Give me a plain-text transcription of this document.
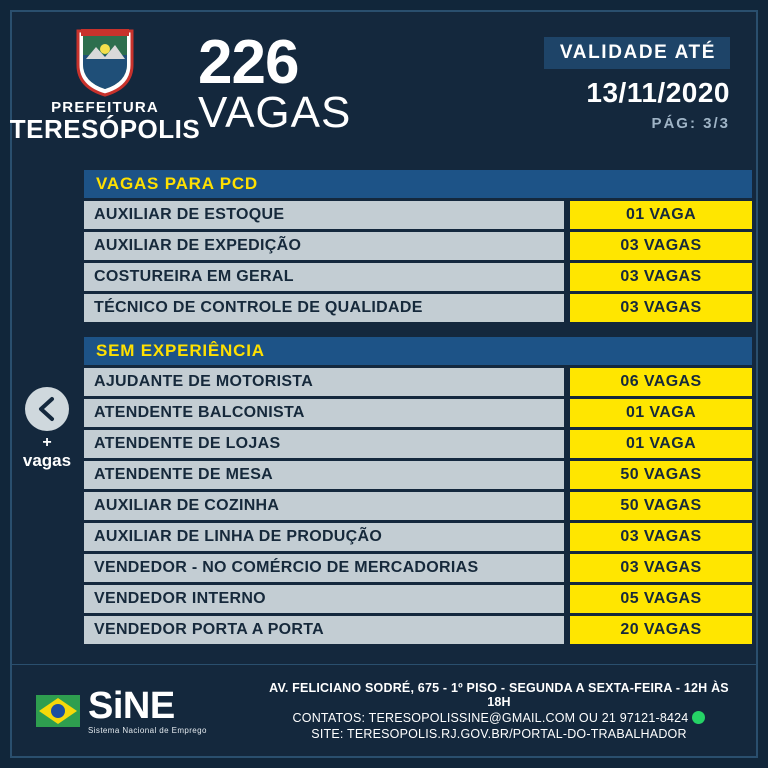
PREFEITURA
TERESÓPOLIS
226
VAGAS
VALIDADE ATÉ
13/11/2020
PÁG: 3/3
+
vagas
VAGAS PARA PCD
AUXILIAR DE ESTOQUE	01 VAGA
AUXILIAR DE EXPEDIÇÃO	03 VAGAS
COSTUREIRA EM GERAL	03 VAGAS
TÉCNICO DE CONTROLE DE QUALIDADE	03 VAGAS
SEM EXPERIÊNCIA
AJUDANTE DE MOTORISTA	06 VAGAS
ATENDENTE BALCONISTA	01 VAGA
ATENDENTE DE LOJAS	01 VAGA
ATENDENTE DE MESA	50 VAGAS
AUXILIAR DE COZINHA	50 VAGAS
AUXILIAR DE LINHA DE PRODUÇÃO	03 VAGAS
VENDEDOR - NO COMÉRCIO DE MERCADORIAS	03 VAGAS
VENDEDOR INTERNO	05 VAGAS
VENDEDOR PORTA A PORTA	20 VAGAS
SiNE
Sistema Nacional de Emprego
AV. FELICIANO SODRÉ, 675 - 1º PISO - SEGUNDA A SEXTA-FEIRA - 12H ÀS 18H
CONTATOS: TERESOPOLISSINE@GMAIL.COM OU 21 97121-8424
SITE: TERESOPOLIS.RJ.GOV.BR/PORTAL-DO-TRABALHADOR
